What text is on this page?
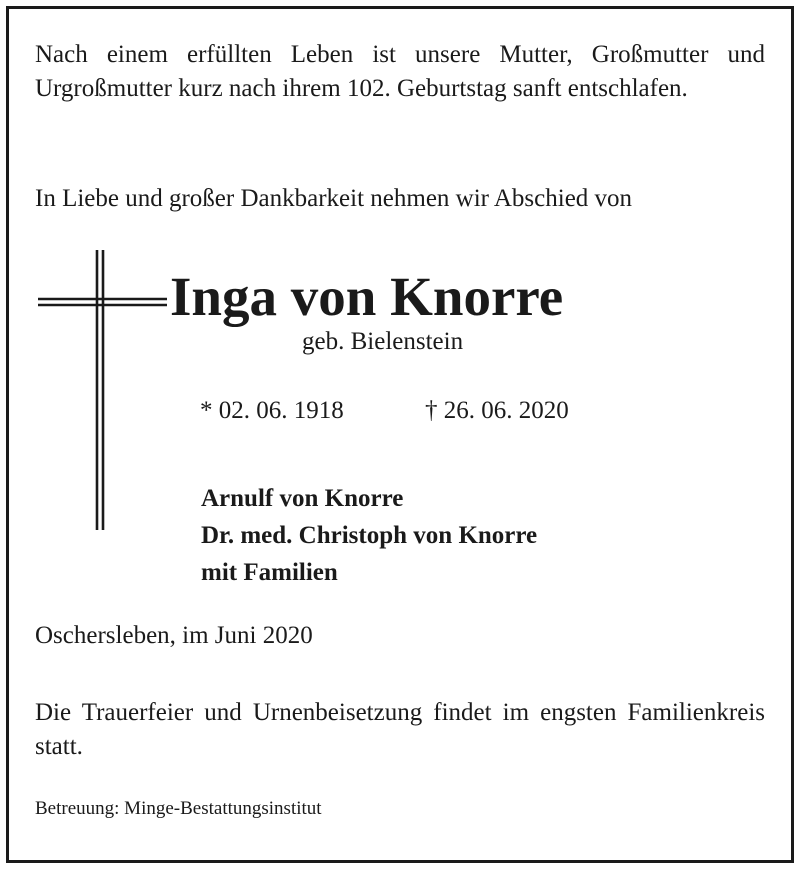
Nach einem erfüllten Leben ist unsere Mutter, Großmutter und Urgroßmutter kurz nach ihrem 102. Geburtstag sanft entschlafen.

In Liebe und großer Dankbarkeit nehmen wir Abschied von

Inga von Knorre
geb. Bielenstein
* 02. 06. 1918	† 26. 06. 2020
Arnulf von Knorre
Dr. med. Christoph von Knorre
mit Familien
Oschersleben, im Juni 2020

Die Trauerfeier und Urnenbeisetzung findet im engsten Familienkreis statt.

Betreuung: Minge-Bestattungsinstitut
